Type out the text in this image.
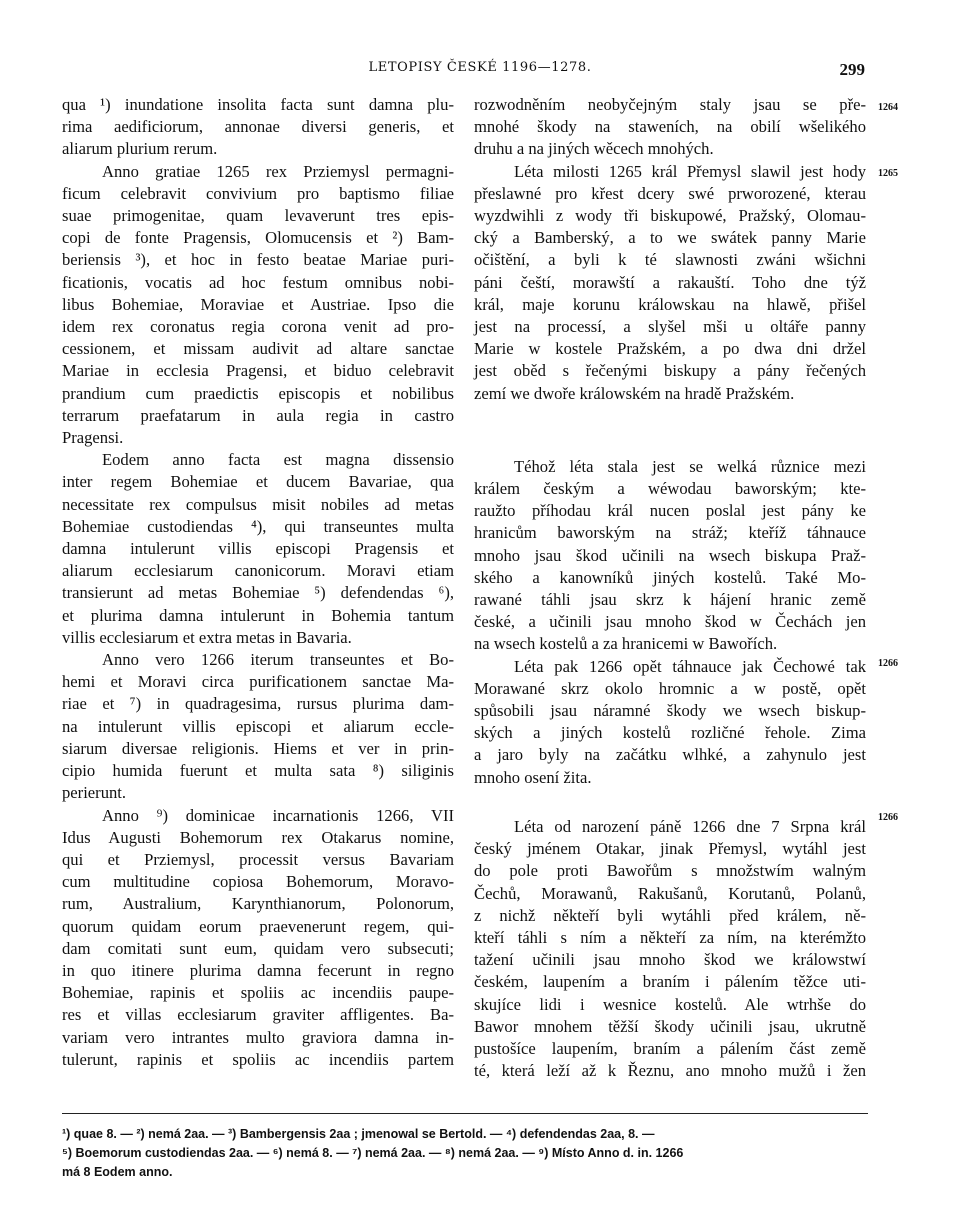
LETOPISY ČESKÉ 1196—1278.	299
qua ¹) inundatione insolita facta sunt damna plu-
rima aedificiorum, annonae diversi generis, et
aliarum plurium rerum.
Anno gratiae 1265 rex Prziemysl permagni-
ficum celebravit convivium pro baptismo filiae
suae primogenitae, quam levaverunt tres epis-
copi de fonte Pragensis, Olomucensis et ²) Bam-
beriensis ³), et hoc in festo beatae Mariae puri-
ficationis, vocatis ad hoc festum omnibus nobi-
libus Bohemiae, Moraviae et Austriae. Ipso die
idem rex coronatus regia corona venit ad pro-
cessionem, et missam audivit ad altare sanctae
Mariae in ecclesia Pragensi, et biduo celebravit
prandium cum praedictis episcopis et nobilibus
terrarum praefatarum in aula regia in castro
Pragensi.
Eodem anno facta est magna dissensio
inter regem Bohemiae et ducem Bavariae, qua
necessitate rex compulsus misit nobiles ad metas
Bohemiae custodiendas ⁴), qui transeuntes multa
damna intulerunt villis episcopi Pragensis et
aliarum ecclesiarum canonicorum. Moravi etiam
transierunt ad metas Bohemiae ⁵) defendendas ⁶),
et plurima damna intulerunt in Bohemia tantum
villis ecclesiarum et extra metas in Bavaria.
Anno vero 1266 iterum transeuntes et Bo-
hemi et Moravi circa purificationem sanctae Ma-
riae et ⁷) in quadragesima, rursus plurima dam-
na intulerunt villis episcopi et aliarum eccle-
siarum diversae religionis. Hiems et ver in prin-
cipio humida fuerunt et multa sata ⁸) siliginis
perierunt.
Anno ⁹) dominicae incarnationis 1266, VII
Idus Augusti Bohemorum rex Otakarus nomine,
qui et Prziemysl, processit versus Bavariam
cum multitudine copiosa Bohemorum, Moravo-
rum, Australium, Karynthianorum, Polonorum,
quorum quidam eorum praevenerunt regem, qui-
dam comitati sunt eum, quidam vero subsecuti;
in quo itinere plurima damna fecerunt in regno
Bohemiae, rapinis et spoliis ac incendiis paupe-
res et villas ecclesiarum graviter affligentes. Ba-
variam vero intrantes multo graviora damna in-
tulerunt, rapinis et spoliis ac incendiis partem
rozwodněním neobyčejným staly jsau se pře-
mnohé škody na staweních, na obilí wšelikého
druhu a na jiných wěcech mnohých.
Léta milosti 1265 král Přemysl slawil jest hody
přeslawné pro křest dcery swé prworozené, kterau
wyzdwihli z wody tři biskupowé, Pražský, Olomau-
cký a Bamberský, a to we swátek panny Marie
očištění, a byli k té slawnosti zwáni wšichni
páni čeští, morawští a rakauští. Toho dne týž
král, maje korunu králowskau na hlawě, přišel
jest na processí, a slyšel mši u oltáře panny
Marie w kostele Pražském, a po dwa dni držel
jest oběd s řečenými biskupy a pány řečených
zemí we dwoře králowském na hradě Pražském.
Téhož léta stala jest se welká různice mezi
králem českým a wéwodau baworským; kte-
raužto příhodau král nucen poslal jest pány ke
hranicům baworským na stráž; kteříž táhnauce
mnoho jsau škod učinili na wsech biskupa Praž-
ského a kanowníků jiných kostelů. Také Mo-
rawané táhli jsau skrz k hájení hranic země
české, a učinili jsau mnoho škod w Čechách jen
na wsech kostelů a za hranicemi w Bawořích.
Léta pak 1266 opět táhnauce jak Čechowé tak
Morawané skrz okolo hromnic a w postě, opět
spůsobili jsau náramné škody we wsech biskup-
ských a jiných kostelů rozličné řehole. Zima
a jaro byly na začátku wlhké, a zahynulo jest
mnoho osení žita.
Léta od narození páně 1266 dne 7 Srpna král
český jménem Otakar, jinak Přemysl, wytáhl jest
do pole proti Bawořům s množstwím walným
Čechů, Morawanů, Rakušanů, Korutanů, Polanů,
z nichž někteří byli wytáhli před králem, ně-
kteří táhli s ním a někteří za ním, na kterémžto
tažení učinili jsau mnoho škod we králowstwí
českém, laupením a braním i pálením těžce uti-
skujíce lidi i wesnice kostelů. Ale wtrhše do
Bawor mnohem těžší škody učinili jsau, ukrutně
pustošíce laupením, braním a pálením část země
té, která leží až k Řeznu, ano mnoho mužů i žen
1264
1265
1266
1266
¹) quae 8. — ²) nemá 2aa. — ³) Bambergensis 2aa ; jmenowal se Bertold. — ⁴) defendendas 2aa, 8. —
⁵) Boemorum custodiendas 2aa. — ⁶) nemá 8. — ⁷) nemá 2aa. — ⁸) nemá 2aa. — ⁹) Místo Anno d. in. 1266
má 8 Eodem anno.
